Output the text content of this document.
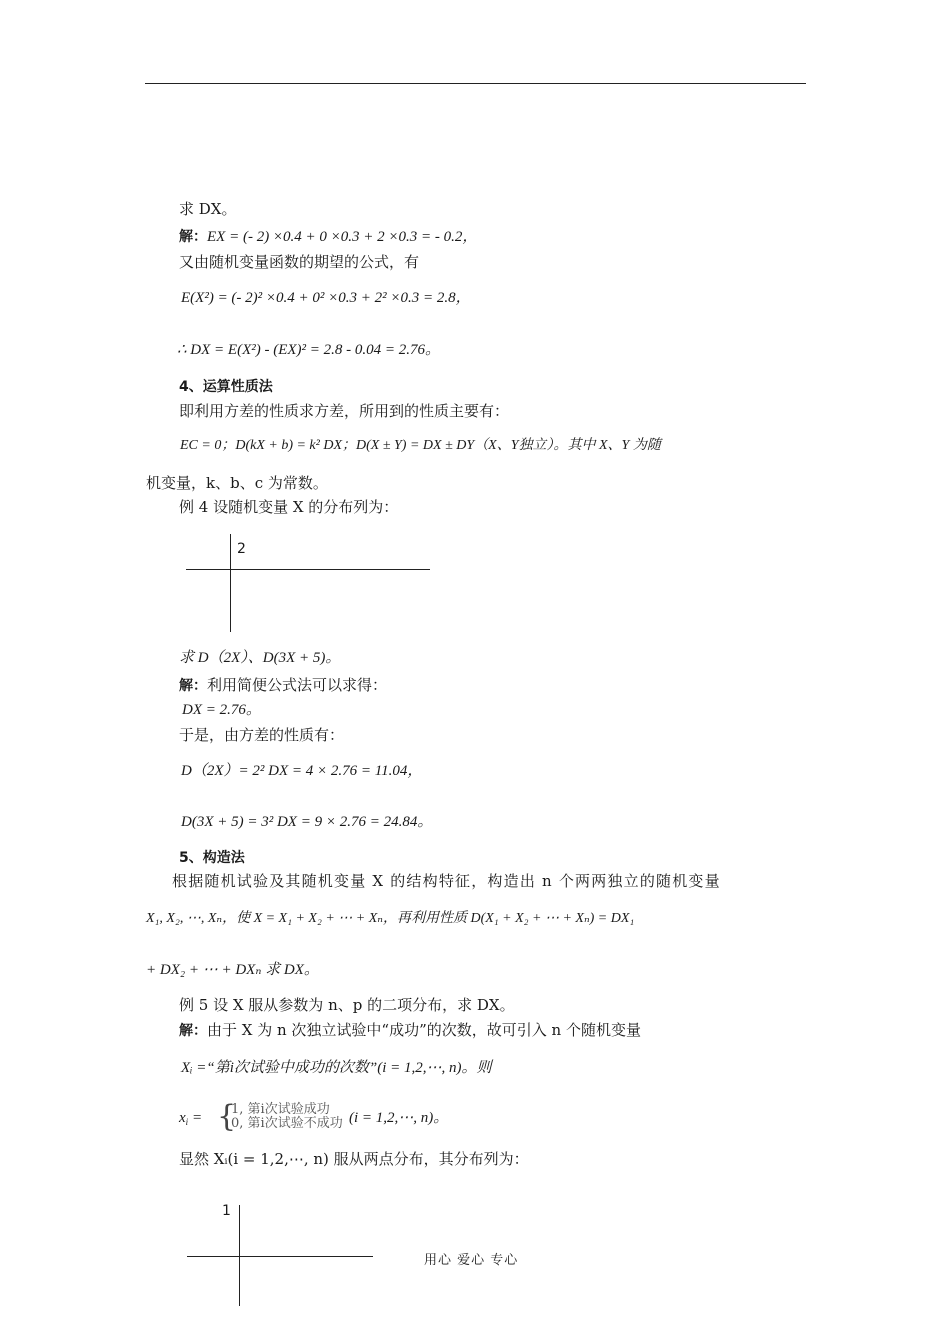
求 DX。
解：EX = (- 2) ×0.4 + 0 ×0.3 + 2 ×0.3 = - 0.2，
又由随机变量函数的期望的公式，有
E(X²) = (- 2)² ×0.4 + 0² ×0.3 + 2² ×0.3 = 2.8，
∴ DX = E(X²) - (EX)² = 2.8 - 0.04 = 2.76。
4、运算性质法
即利用方差的性质求方差，所用到的性质主要有：
EC = 0；D(kX + b) = k² DX；D(X ± Y) = DX ± DY（X、Y独立）。其中 X、Y 为随
机变量，k、b、c 为常数。
例 4 设随机变量 X 的分布列为：
2
求 D（2X）、D(3X + 5)。
解：利用简便公式法可以求得：
DX = 2.76。
于是，由方差的性质有：
D（2X）= 2² DX = 4 × 2.76 = 11.04，
D(3X + 5) = 3² DX = 9 × 2.76 = 24.84。
5、构造法
根据随机试验及其随机变量 X 的结构特征，构造出 n 个两两独立的随机变量
X₁, X₂, ⋯, Xₙ，使 X = X₁ + X₂ + ⋯ + Xₙ，再利用性质 D(X₁ + X₂ + ⋯ + Xₙ) = DX₁
+ DX₂ + ⋯ + DXₙ 求 DX。
例 5 设 X 服从参数为 n、p 的二项分布，求 DX。
解：由于 X 为 n 次独立试验中“成功”的次数，故可引入 n 个随机变量
Xᵢ =“第i次试验中成功的次数”(i = 1,2,⋯, n)。则
$x_i$ = {
1, 第i次试验成功
0, 第i次试验不成功 (i = 1,2,⋯, n)。
显然 Xᵢ(i = 1,2,⋯, n) 服从两点分布，其分布列为：
1
用心 爱心 专心
